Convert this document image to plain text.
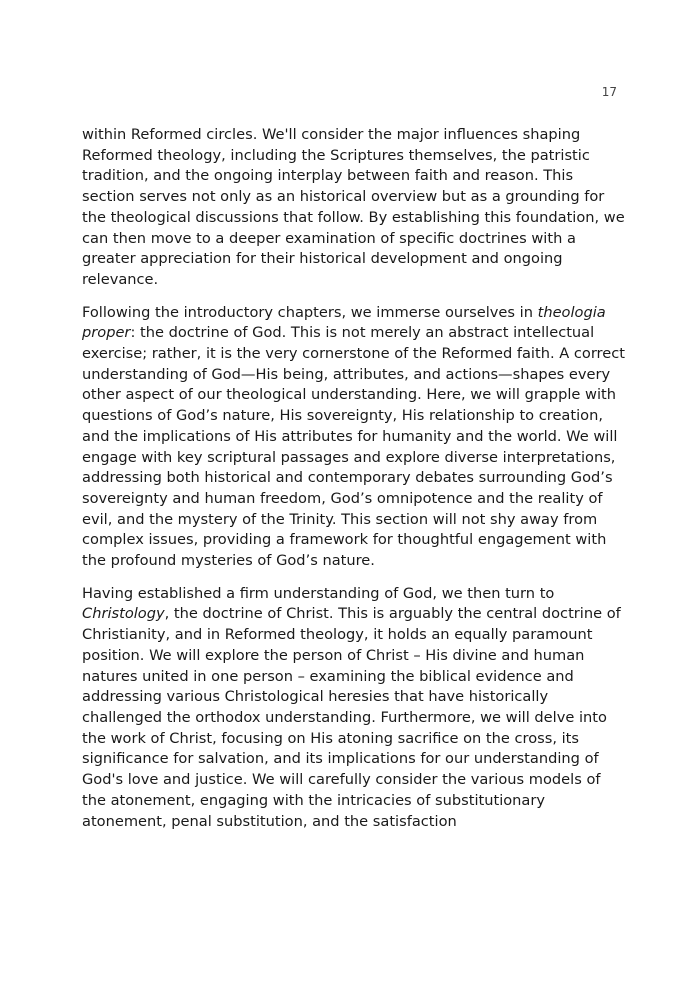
17

within Reformed circles. We'll consider the major influences shaping Reformed theology, including the Scriptures themselves, the patristic tradition, and the ongoing interplay between faith and reason. This section serves not only as an historical overview but as a grounding for the theological discussions that follow. By establishing this foundation, we can then move to a deeper examination of specific doctrines with a greater appreciation for their historical development and ongoing relevance.

Following the introductory chapters, we immerse ourselves in theologia proper: the doctrine of God. This is not merely an abstract intellectual exercise; rather, it is the very cornerstone of the Reformed faith. A correct understanding of God—His being, attributes, and actions—shapes every other aspect of our theological understanding. Here, we will grapple with questions of God’s nature, His sovereignty, His relationship to creation, and the implications of His attributes for humanity and the world. We will engage with key scriptural passages and explore diverse interpretations, addressing both historical and contemporary debates surrounding God’s sovereignty and human freedom, God’s omnipotence and the reality of evil, and the mystery of the Trinity. This section will not shy away from complex issues, providing a framework for thoughtful engagement with the profound mysteries of God’s nature.

Having established a firm understanding of God, we then turn to Christology, the doctrine of Christ. This is arguably the central doctrine of Christianity, and in Reformed theology, it holds an equally paramount position. We will explore the person of Christ – His divine and human natures united in one person – examining the biblical evidence and addressing various Christological heresies that have historically challenged the orthodox understanding. Furthermore, we will delve into the work of Christ, focusing on His atoning sacrifice on the cross, its significance for salvation, and its implications for our understanding of God's love and justice. We will carefully consider the various models of the atonement, engaging with the intricacies of substitutionary atonement, penal substitution, and the satisfaction
